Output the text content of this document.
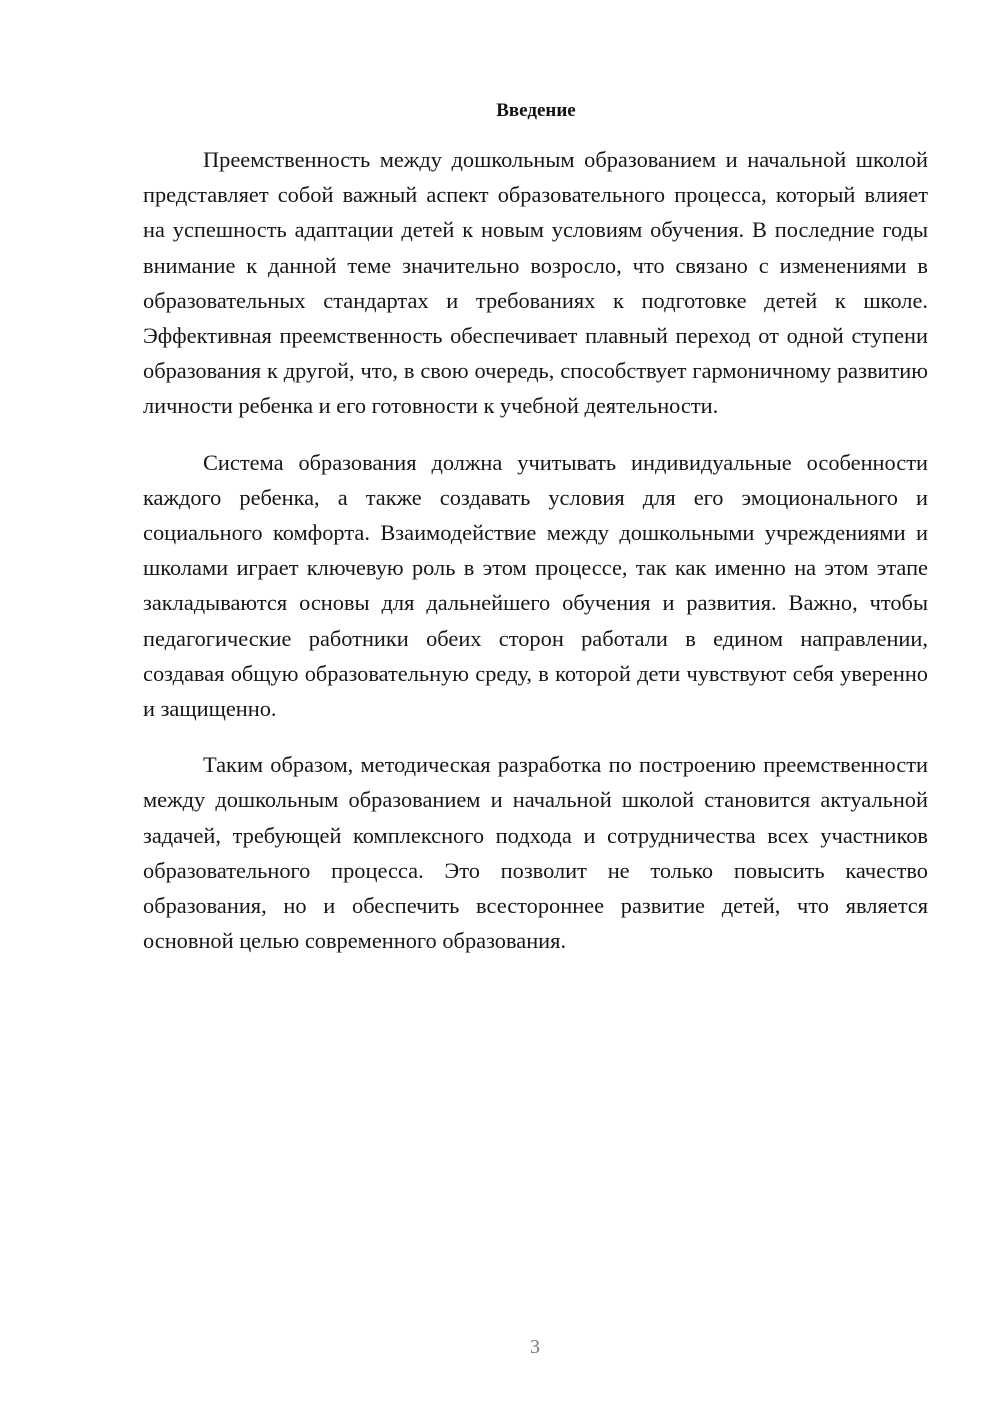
Введение

Преемственность между дошкольным образованием и начальной школой представляет собой важный аспект образовательного процесса, который влияет на успешность адаптации детей к новым условиям обучения. В последние годы внимание к данной теме значительно возросло, что связано с изменениями в образовательных стандартах и требованиях к подготовке детей к школе. Эффективная преемственность обеспечивает плавный переход от одной ступени образования к другой, что, в свою очередь, способствует гармоничному развитию личности ребенка и его готовности к учебной деятельности.

Система образования должна учитывать индивидуальные особенности каждого ребенка, а также создавать условия для его эмоционального и социального комфорта. Взаимодействие между дошкольными учреждениями и школами играет ключевую роль в этом процессе, так как именно на этом этапе закладываются основы для дальнейшего обучения и развития. Важно, чтобы педагогические работники обеих сторон работали в едином направлении, создавая общую образовательную среду, в которой дети чувствуют себя уверенно и защищенно.

Таким образом, методическая разработка по построению преемственности между дошкольным образованием и начальной школой становится актуальной задачей, требующей комплексного подхода и сотрудничества всех участников образовательного процесса. Это позволит не только повысить качество образования, но и обеспечить всестороннее развитие детей, что является основной целью современного образования.

3
